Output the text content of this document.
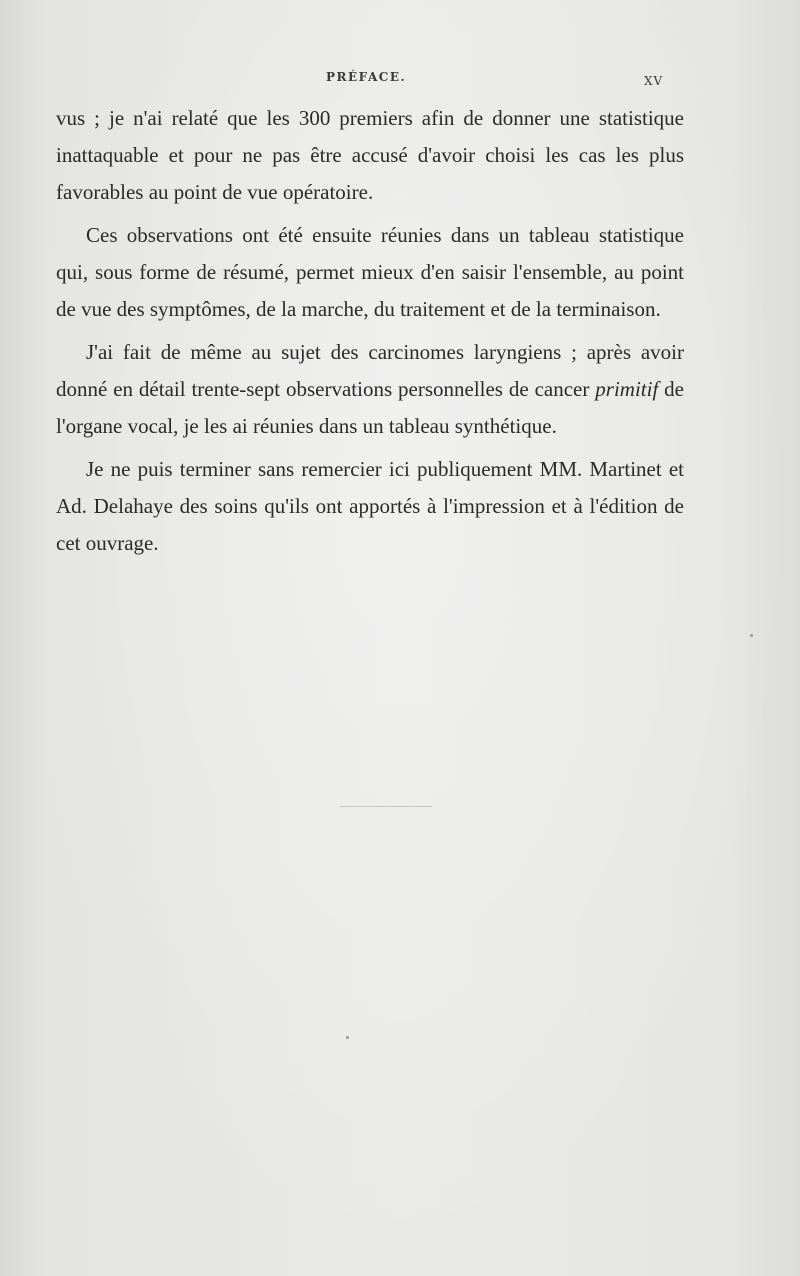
PRÉFACE.	XV

vus ; je n'ai relaté que les 300 premiers afin de donner une statistique inattaquable et pour ne pas être accusé d'avoir choisi les cas les plus favorables au point de vue opératoire.

Ces observations ont été ensuite réunies dans un tableau statistique qui, sous forme de résumé, permet mieux d'en saisir l'ensemble, au point de vue des symptômes, de la marche, du traitement et de la terminaison.

J'ai fait de même au sujet des carcinomes laryngiens ; après avoir donné en détail trente-sept observations personnelles de cancer primitif de l'organe vocal, je les ai réunies dans un tableau synthétique.

Je ne puis terminer sans remercier ici publiquement MM. Martinet et Ad. Delahaye des soins qu'ils ont apportés à l'impression et à l'édition de cet ouvrage.
